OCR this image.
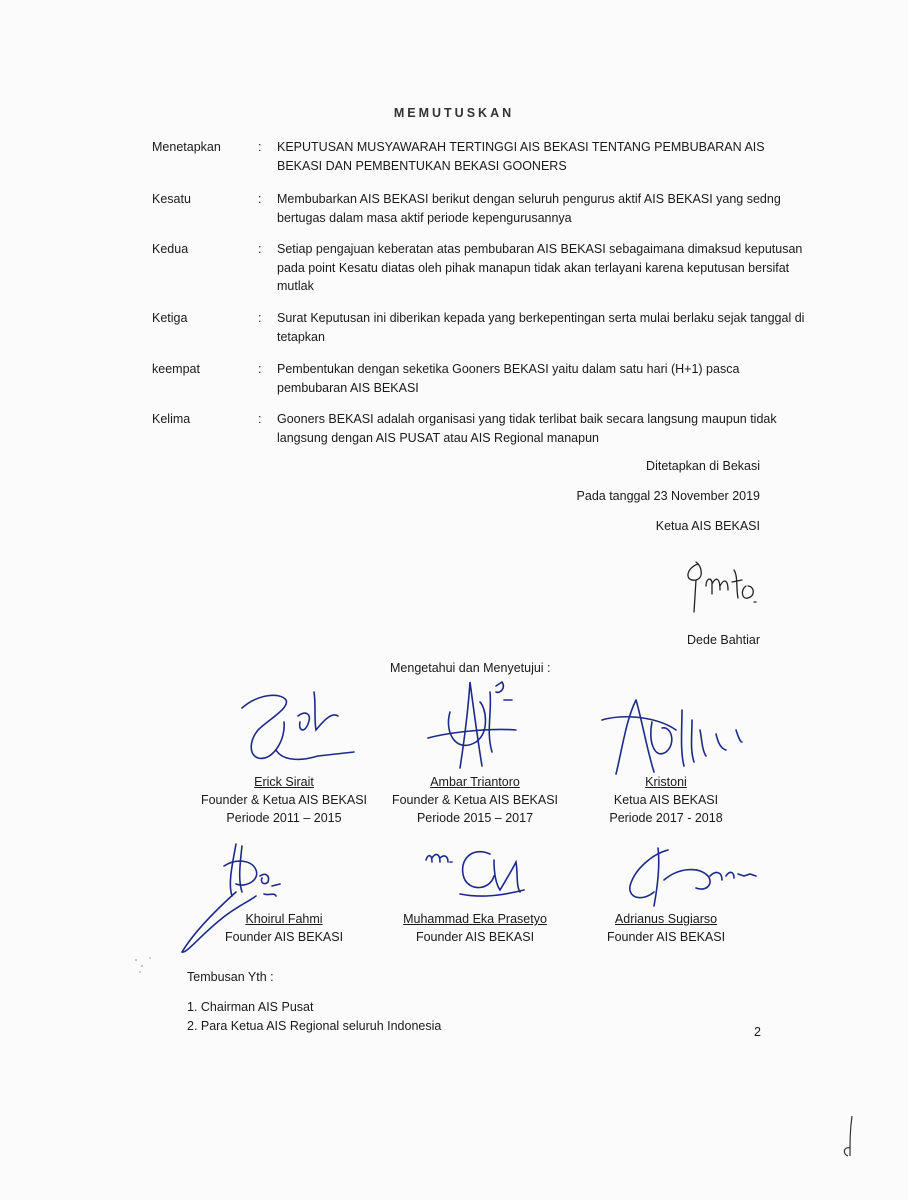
MEMUTUSKAN
Menetapkan	: KEPUTUSAN MUSYAWARAH TERTINGGI AIS BEKASI TENTANG PEMBUBARAN AIS BEKASI DAN PEMBENTUKAN BEKASI GOONERS
Kesatu	: Membubarkan AIS BEKASI berikut dengan seluruh pengurus aktif AIS BEKASI yang sedng bertugas dalam masa aktif periode kepengurusannya
Kedua	: Setiap pengajuan keberatan atas pembubaran AIS BEKASI sebagaimana dimaksud keputusan pada point Kesatu diatas oleh pihak manapun tidak akan terlayani karena keputusan bersifat mutlak
Ketiga	: Surat Keputusan ini diberikan kepada yang berkepentingan serta mulai berlaku sejak tanggal di tetapkan
keempat	: Pembentukan dengan seketika Gooners BEKASI yaitu dalam satu hari (H+1) pasca pembubaran AIS BEKASI
Kelima	: Gooners BEKASI adalah organisasi yang tidak terlibat baik secara langsung maupun tidak langsung dengan AIS PUSAT atau AIS Regional manapun
Ditetapkan di Bekasi
Pada tanggal 23 November 2019
Ketua AIS BEKASI
Dede Bahtiar
Mengetahui dan Menyetujui :
Erick Sirait
Founder & Ketua AIS BEKASI
Periode 2011 – 2015
Ambar Triantoro
Founder & Ketua AIS BEKASI
Periode 2015 – 2017
Kristoni
Ketua AIS BEKASI
Periode 2017 - 2018
Khoirul Fahmi
Founder AIS BEKASI
Muhammad Eka Prasetyo
Founder AIS BEKASI
Adrianus Sugiarso
Founder AIS BEKASI
Tembusan Yth :
1. Chairman AIS Pusat
2. Para Ketua AIS Regional seluruh Indonesia	2
